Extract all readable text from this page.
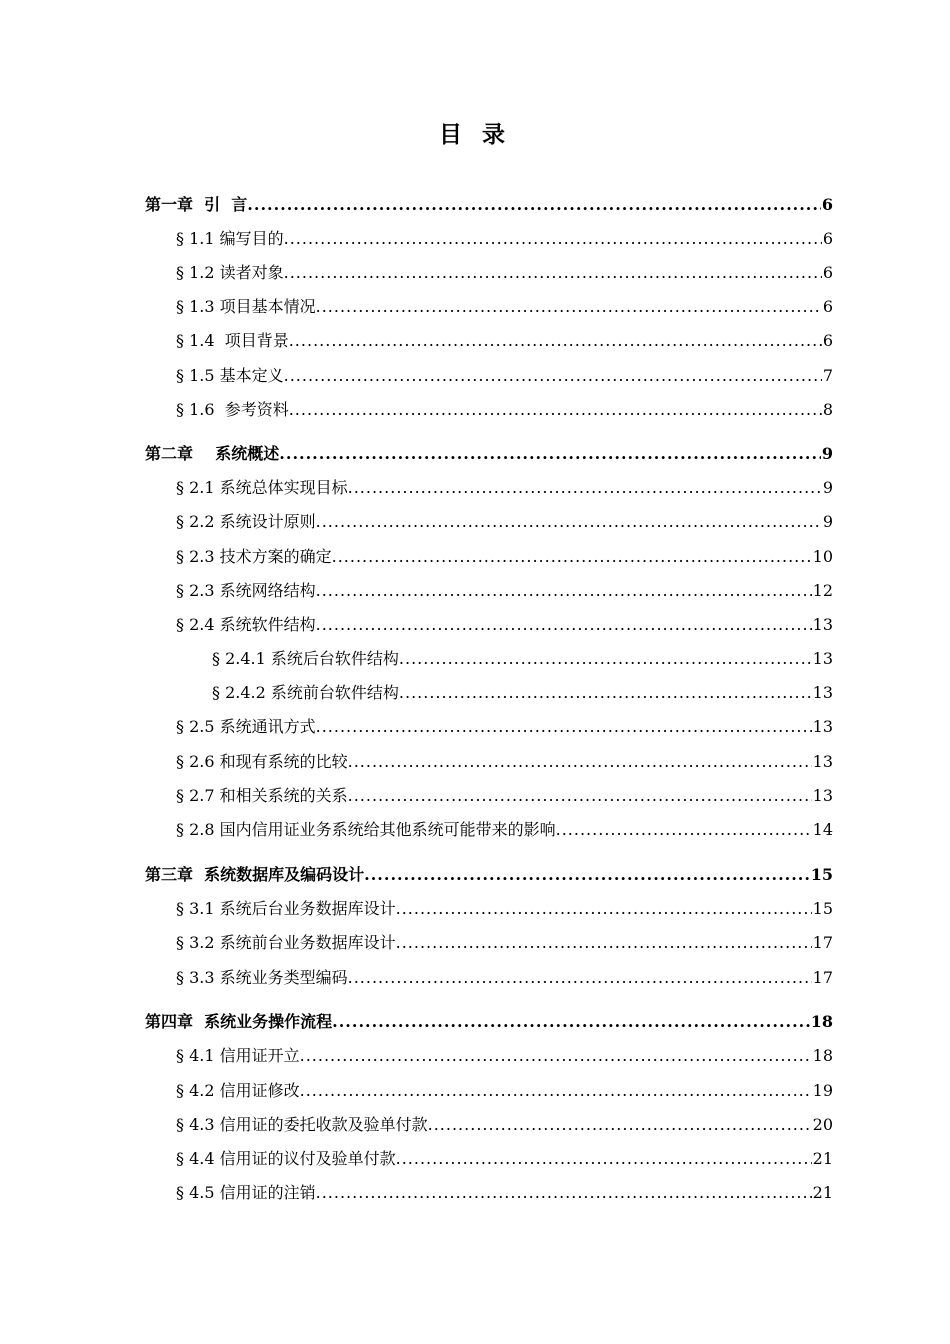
目 录
第一章  引  言 .....	6
§ 1.1 编写目的 .....	6
§ 1.2 读者对象 .....	6
§ 1.3 项目基本情况 .....	6
§ 1.4  项目背景 .....	6
§ 1.5 基本定义 .....	7
§ 1.6  参考资料 .....	8
第二章    系统概述 .....	9
§ 2.1 系统总体实现目标 .....	9
§ 2.2 系统设计原则 .....	9
§ 2.3 技术方案的确定 .....	10
§ 2.3 系统网络结构 .....	12
§ 2.4 系统软件结构 .....	13
§ 2.4.1 系统后台软件结构 .....	13
§ 2.4.2 系统前台软件结构 .....	13
§ 2.5 系统通讯方式 .....	13
§ 2.6 和现有系统的比较 .....	13
§ 2.7 和相关系统的关系 .....	13
§ 2.8 国内信用证业务系统给其他系统可能带来的影响 .....	14
第三章  系统数据库及编码设计 .....	15
§ 3.1 系统后台业务数据库设计 .....	15
§ 3.2 系统前台业务数据库设计 .....	17
§ 3.3 系统业务类型编码 .....	17
第四章  系统业务操作流程 .....	18
§ 4.1 信用证开立 .....	18
§ 4.2 信用证修改 .....	19
§ 4.3 信用证的委托收款及验单付款 .....	20
§ 4.4 信用证的议付及验单付款 .....	21
§ 4.5 信用证的注销 .....	21
